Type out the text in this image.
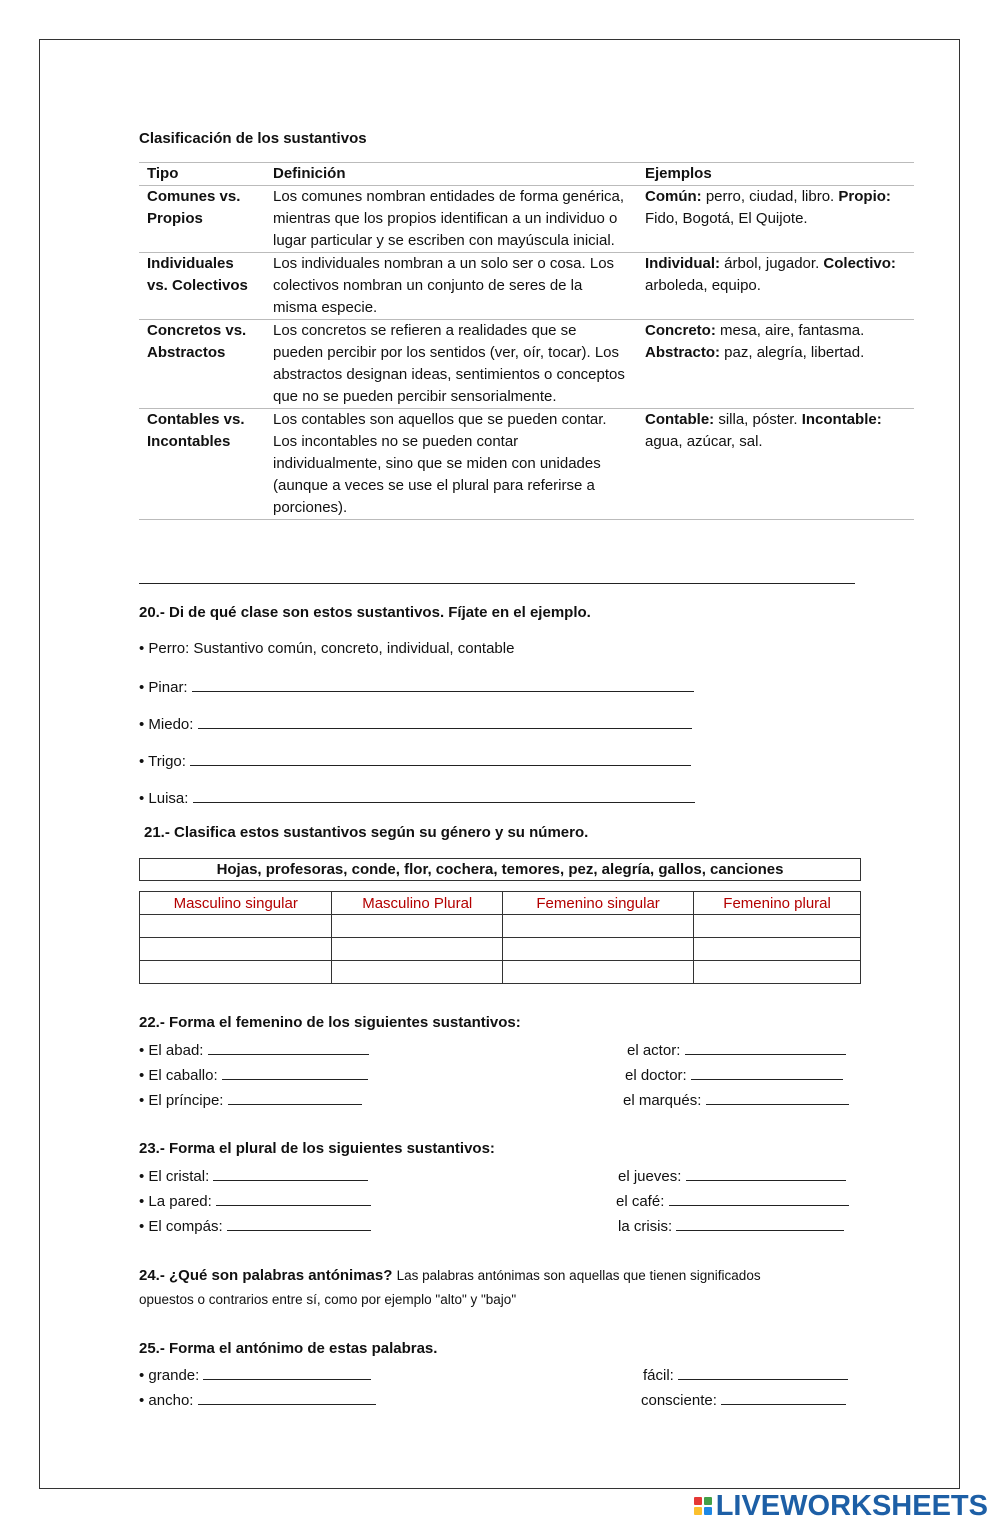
Clasificación de los sustantivos
Tipo	Definición	Ejemplos
Comunes vs. Propios	Los comunes nombran entidades de forma genérica, mientras que los propios identifican a un individuo o lugar particular y se escriben con mayúscula inicial.	Común: perro, ciudad, libro. Propio: Fido, Bogotá, El Quijote.
Individuales vs. Colectivos	Los individuales nombran a un solo ser o cosa. Los colectivos nombran un conjunto de seres de la misma especie.	Individual: árbol, jugador. Colectivo: arboleda, equipo.
Concretos vs. Abstractos	Los concretos se refieren a realidades que se pueden percibir por los sentidos (ver, oír, tocar). Los abstractos designan ideas, sentimientos o conceptos que no se pueden percibir sensorialmente.	Concreto: mesa, aire, fantasma. Abstracto: paz, alegría, libertad.
Contables vs. Incontables	Los contables son aquellos que se pueden contar. Los incontables no se pueden contar individualmente, sino que se miden con unidades (aunque a veces se use el plural para referirse a porciones).	Contable: silla, póster. Incontable: agua, azúcar, sal.
20.- Di de qué clase son estos sustantivos. Fíjate en el ejemplo.
• Perro: Sustantivo común, concreto, individual, contable
• Pinar:
• Miedo:
• Trigo:
• Luisa:
21.- Clasifica estos sustantivos según su género y su número.
Hojas, profesoras, conde, flor, cochera, temores, pez, alegría, gallos, canciones
Masculino singular	Masculino Plural	Femenino singular	Femenino plural

22.- Forma el femenino de los siguientes sustantivos:
• El abad:
• El caballo:
• El príncipe:
el actor:
el doctor:
el marqués:
23.- Forma el plural de los siguientes sustantivos:
• El cristal:
• La pared:
• El compás:
el jueves:
el café:
la crisis:
24.- ¿Qué son palabras antónimas? Las palabras antónimas son aquellas que tienen significados
opuestos o contrarios entre sí, como por ejemplo "alto" y "bajo"
25.- Forma el antónimo de estas palabras.
• grande:
• ancho:
fácil:
consciente:
LIVEWORKSHEETS
